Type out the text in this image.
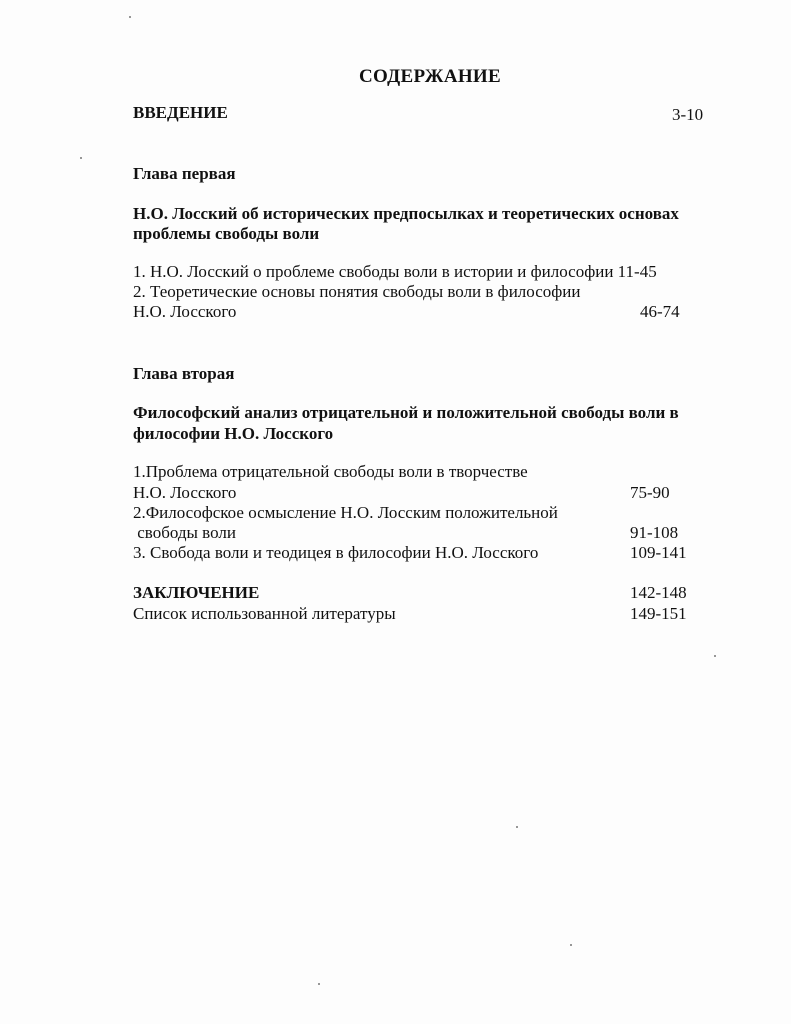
СОДЕРЖАНИЕ
ВВЕДЕНИЕ	3-10
Глава первая
Н.О. Лосский об исторических предпосылках и теоретических основах
проблемы свободы воли
1. Н.О. Лосский о проблеме свободы воли в истории и философии 11-45
2. Теоретические основы понятия свободы воли в философии
Н.О. Лосского	46-74
Глава вторая
Философский анализ отрицательной и положительной свободы воли в
философии Н.О. Лосского
1.Проблема отрицательной свободы воли в творчестве
Н.О. Лосского	75-90
2.Философское осмысление Н.О. Лосским положительной
свободы воли	91-108
3. Свобода воли и теодицея в философии Н.О. Лосского	109-141
ЗАКЛЮЧЕНИЕ	142-148
Список использованной литературы	149-151
